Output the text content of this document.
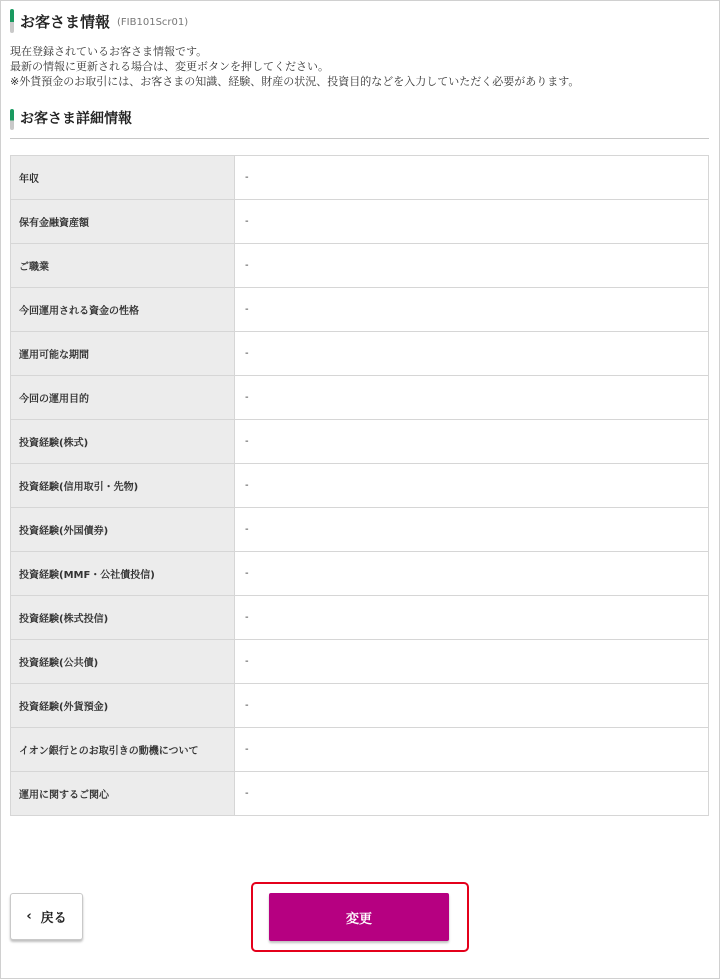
お客さま情報 (FIB101Scr01)
現在登録されているお客さま情報です。
最新の情報に更新される場合は、変更ボタンを押してください。
※外貨預金のお取引には、お客さまの知識、経験、財産の状況、投資目的などを入力していただく必要があります。
お客さま詳細情報
年収	-
保有金融資産額	-
ご職業	-
今回運用される資金の性格	-
運用可能な期間	-
今回の運用目的	-
投資経験(株式)	-
投資経験(信用取引・先物)	-
投資経験(外国債券)	-
投資経験(MMF・公社債投信)	-
投資経験(株式投信)	-
投資経験(公共債)	-
投資経験(外貨預金)	-
イオン銀行とのお取引きの動機について	-
運用に関するご関心	-
‹ 戻る	変更
